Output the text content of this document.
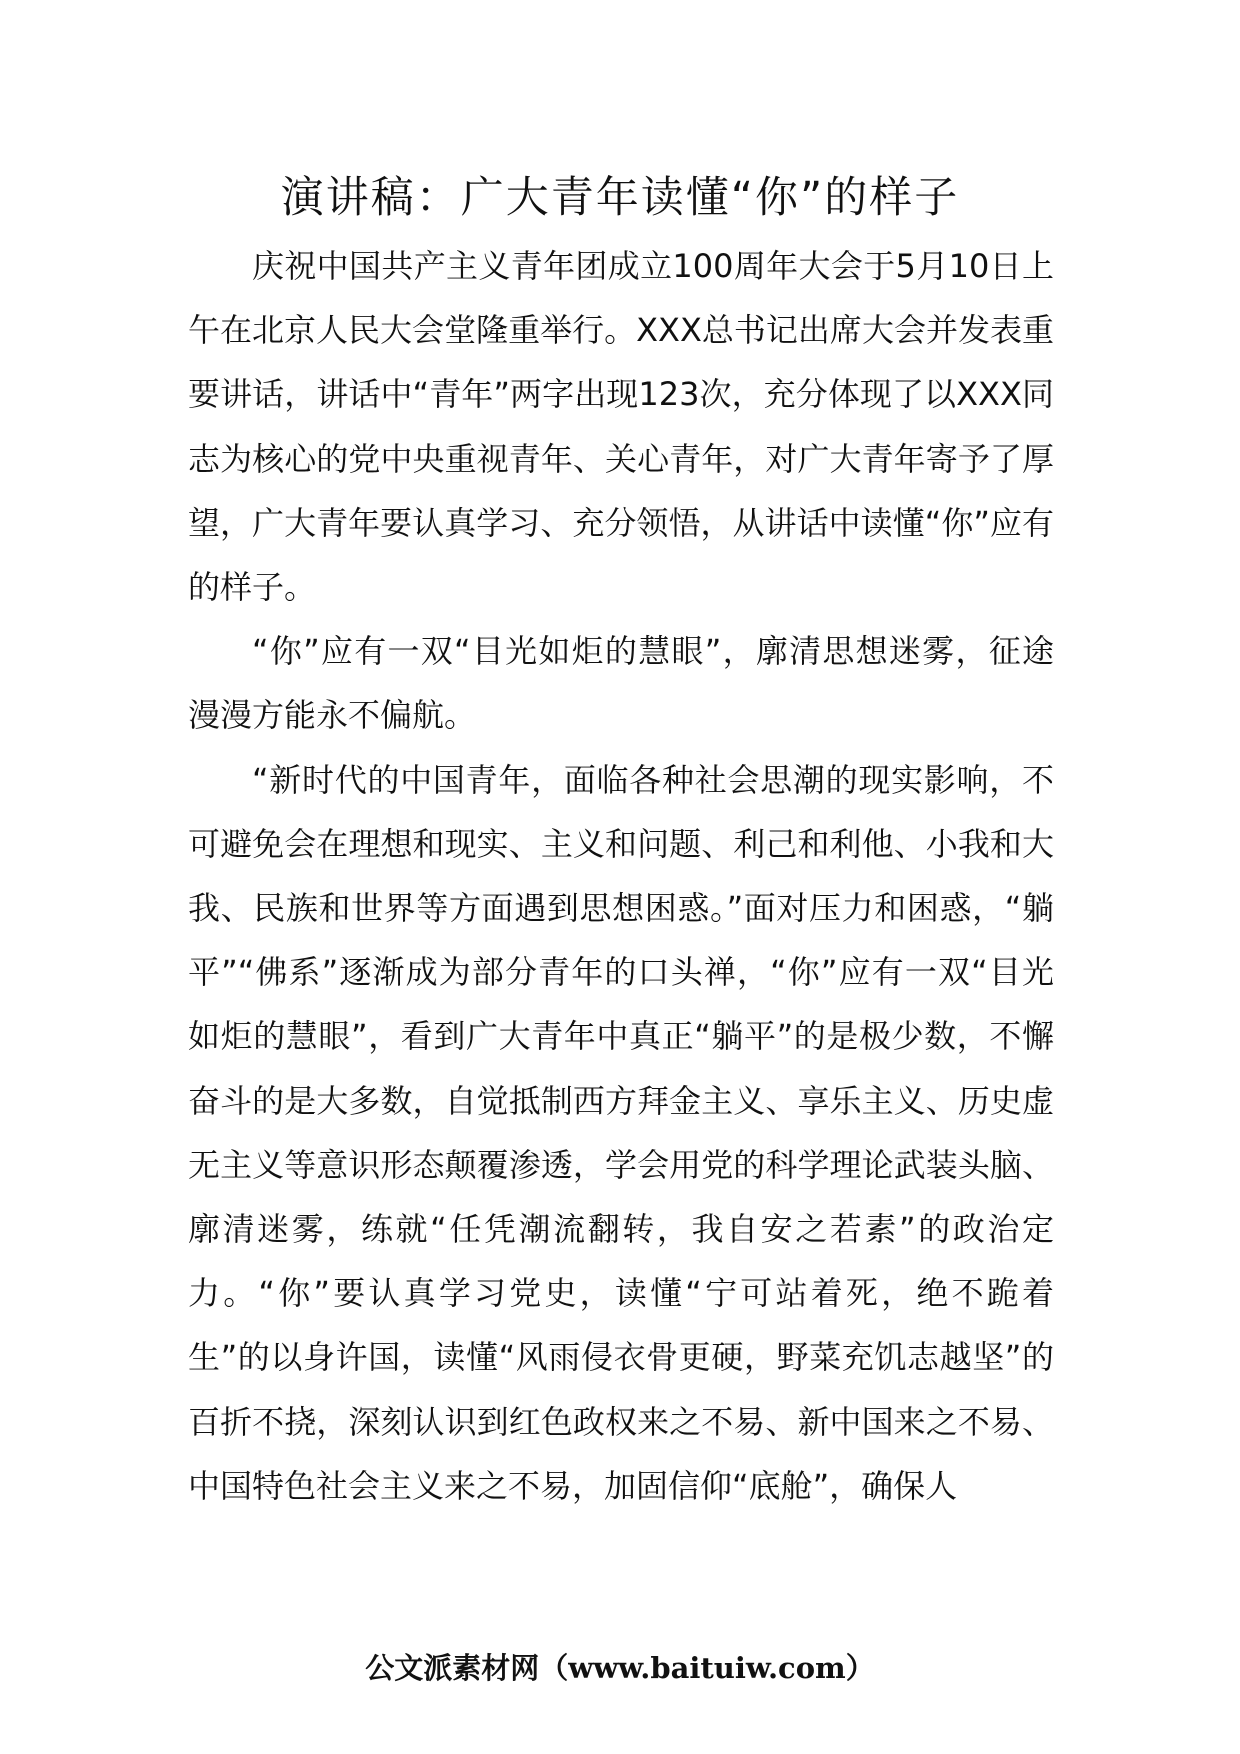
演讲稿：广大青年读懂“你”的样子

庆祝中国共产主义青年团成立100周年大会于5月10日上午在北京人民大会堂隆重举行。XXX总书记出席大会并发表重要讲话，讲话中“青年”两字出现123次，充分体现了以XXX同志为核心的党中央重视青年、关心青年，对广大青年寄予了厚望，广大青年要认真学习、充分领悟，从讲话中读懂“你”应有的样子。

“你”应有一双“目光如炬的慧眼”，廓清思想迷雾，征途漫漫方能永不偏航。

“新时代的中国青年，面临各种社会思潮的现实影响，不可避免会在理想和现实、主义和问题、利己和利他、小我和大我、民族和世界等方面遇到思想困惑。”面对压力和困惑，“躺平”“佛系”逐渐成为部分青年的口头禅，“你”应有一双“目光如炬的慧眼”，看到广大青年中真正“躺平”的是极少数，不懈奋斗的是大多数，自觉抵制西方拜金主义、享乐主义、历史虚无主义等意识形态颠覆渗透，学会用党的科学理论武装头脑、廓清迷雾，练就“任凭潮流翻转，我自安之若素”的政治定力。“你”要认真学习党史，读懂“宁可站着死，绝不跪着生”的以身许国，读懂“风雨侵衣骨更硬，野菜充饥志越坚”的百折不挠，深刻认识到红色政权来之不易、新中国来之不易、中国特色社会主义来之不易，加固信仰“底舱”，确保人

公文派素材网（www.baituiw.com）
